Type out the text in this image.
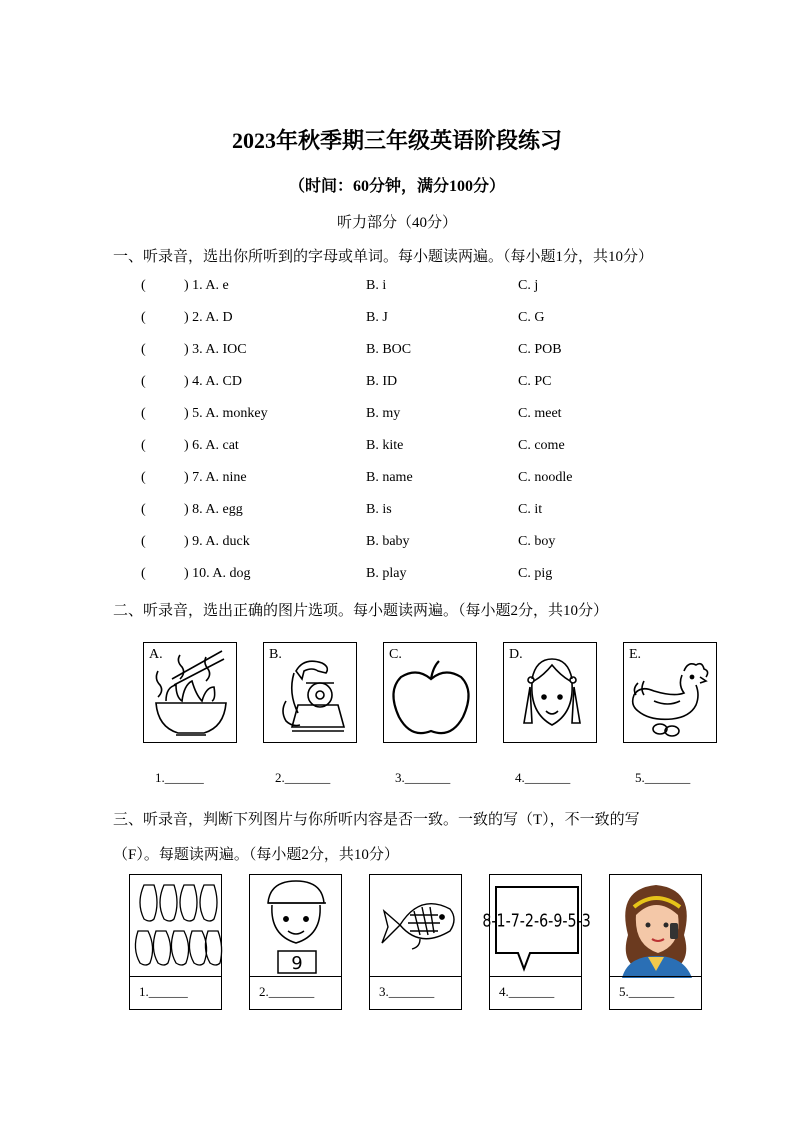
2023年秋季期三年级英语阶段练习
（时间：60分钟，满分100分）
听力部分（40分）
一、听录音，选出你所听到的字母或单词。每小题读两遍。（每小题1分，共10分）
(	) 1. A. e	B. i	C. j
(	) 2. A. D	B. J	C. G
(	) 3. A. IOC	B. BOC	C. POB
(	) 4. A. CD	B. ID	C. PC
(	) 5. A. monkey	B. my	C. meet
(	) 6. A. cat	B. kite	C. come
(	) 7. A. nine	B. name	C. noodle
(	) 8. A. egg	B. is	C. it
(	) 9. A. duck	B. baby	C. boy
(	) 10. A. dog	B. play	C. pig
二、听录音，选出正确的图片选项。每小题读两遍。（每小题2分，共10分）
A.	B.	C.	D.	E.
1.______	2._______	3._______	4._______	5._______
三、听录音，判断下列图片与你所听内容是否一致。一致的写（T），不一致的写
（F）。每题读两遍。（每小题2分，共10分）
1.______
9
2._______	3._______
8-1-7-2-6-9-5-3
4._______	5._______
